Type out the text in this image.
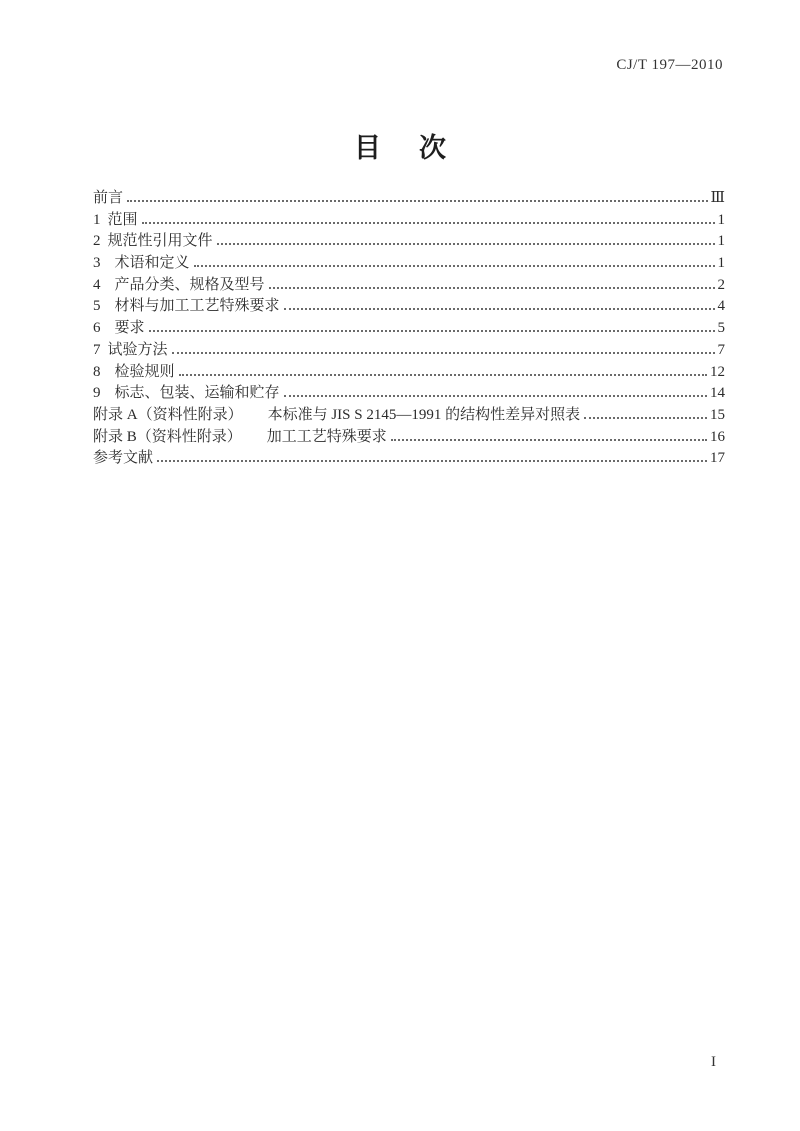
CJ/T 197—2010
目 次
前言	Ⅲ
1 范围	1
2 规范性引用文件	1
3 术语和定义	1
4 产品分类、规格及型号	2
5 材料与加工工艺特殊要求	4
6 要求	5
7 试验方法	7
8 检验规则	12
9 标志、包装、运输和贮存	14
附录 A（资料性附录） 本标准与 JIS S 2145—1991 的结构性差异对照表	15
附录 B（资料性附录） 加工工艺特殊要求	16
参考文献	17
I
